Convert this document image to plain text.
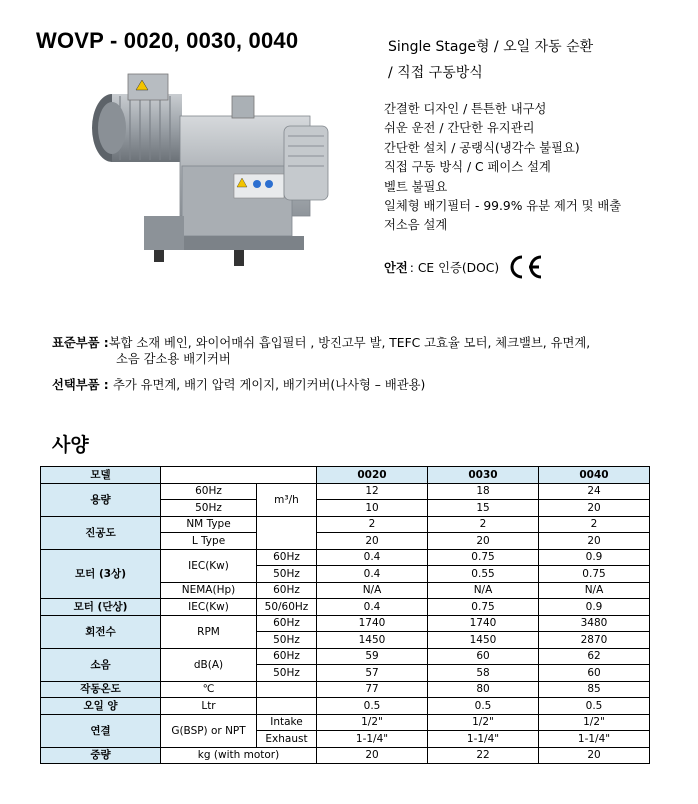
WOVP - 0020, 0030, 0040	Single Stage형 / 오일 자동 순환
/ 직접 구동방식
간결한 디자인 / 튼튼한 내구성
쉬운 운전 / 간단한 유지관리
간단한 설치 / 공랭식(냉각수 불필요)
직접 구동 방식 / C 페이스 설계
벨트 불필요
일체형 배기필터 - 99.9% 유분 제거 및 배출
저소음 설계
안전 : CE 인증(DOC)
표준부품 : 복합 소재 베인, 와이어매쉬 흡입필터 , 방진고무 발, TEFC 고효율 모터, 체크밸브, 유면계,
소음 감소용 배기커버
선택부품 : 추가 유면계, 배기 압력 게이지, 배기커버(나사형 – 배관용)
사양
모델			0020	0030	0040
용량	60Hz	m³/h	12	18	24
	50Hz		10	15	20
진공도	NM Type		2	2	2
	L Type		20	20	20
모터 (3상)	IEC(Kw)	60Hz	0.4	0.75	0.9
		50Hz	0.4	0.55	0.75
	NEMA(Hp)	60Hz	N/A	N/A	N/A
모터 (단상)	IEC(Kw)	50/60Hz	0.4	0.75	0.9
회전수	RPM	60Hz	1740	1740	3480
		50Hz	1450	1450	2870
소음	dB(A)	60Hz	59	60	62
		50Hz	57	58	60
작동온도	℃		77	80	85
오일 양	Ltr		0.5	0.5	0.5
연결	G(BSP) or NPT	Intake	1/2"	1/2"	1/2"
		Exhaust	1-1/4"	1-1/4"	1-1/4"
중량	kg (with motor)		20	22	20
